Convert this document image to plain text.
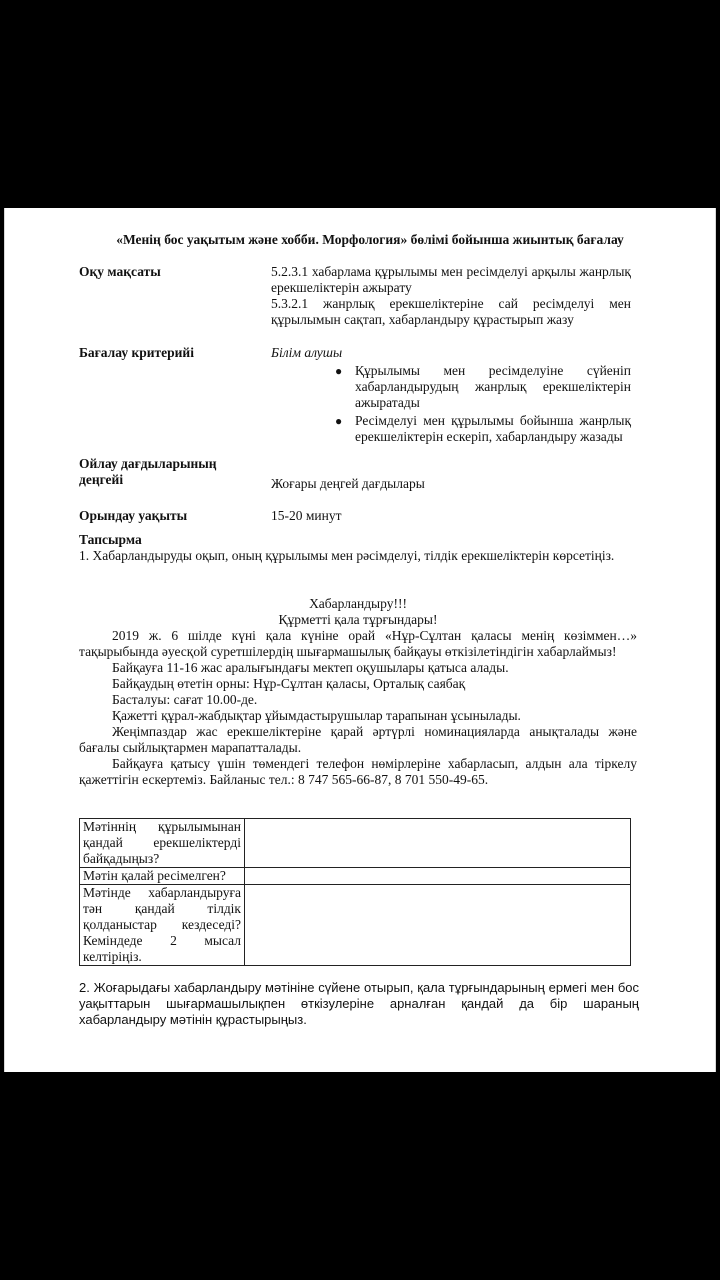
«Менің бос уақытым және хобби. Морфология» бөлімі бойынша жиынтық бағалау
Оқу мақсаты	5.2.3.1 хабарлама құрылымы мен ресімделуі арқылы жанрлық ерекшеліктерін ажырату
5.3.2.1 жанрлық ерекшеліктеріне сай ресімделуі мен құрылымын сақтап, хабарландыру құрастырып жазу
Бағалау критерийі	Білім алушы
● Құрылымы мен ресімделуіне сүйеніп хабарландырудың жанрлық ерекшеліктерін ажыратады
● Ресімделуі мен құрылымы бойынша жанрлық ерекшеліктерін ескеріп, хабарландыру жазады
Ойлау дағдыларының деңгейі	Жоғары деңгей дағдылары
Орындау уақыты	15-20 минут
Тапсырма
1. Хабарландыруды оқып, оның құрылымы мен рәсімделуі, тілдік ерекшеліктерін көрсетіңіз.
Хабарландыру!!!
Құрметті қала тұрғындары!

2019 ж. 6 шілде күні қала күніне орай «Нұр-Сұлтан қаласы менің көзіммен…» тақырыбында әуесқой суретшілердің шығармашылық байқауы өткізілетіндігін хабарлаймыз!

Байқауға 11-16 жас аралығындағы мектеп оқушылары қатыса алады.

Байқаудың өтетін орны: Нұр-Сұлтан қаласы, Орталық саябақ

Басталуы: сағат 10.00-де.

Қажетті құрал-жабдықтар ұйымдастырушылар тарапынан ұсынылады.

Жеңімпаздар жас ерекшеліктеріне қарай әртүрлі номинацияларда анықталады және бағалы сыйлықтармен марапатталады.

Байқауға қатысу үшін төмендегі телефон нөмірлеріне хабарласып, алдын ала тіркелу қажеттігін ескертеміз. Байланыс тел.: 8 747 565-66-87, 8 701 550-49-65.

Мәтіннің құрылымынан қандай ерекшеліктерді байқадыңыз?	
Мәтін қалай ресімелген?	
Мәтінде хабарландыруға тән қандай тілдік қолданыстар кездеседі? Кеміндеде 2 мысал келтіріңіз.	
2. Жоғарыдағы хабарландыру мәтініне сүйене отырып, қала тұрғындарының ермегі мен бос уақыттарын шығармашылықпен өткізулеріне арналған қандай да бір шараның хабарландыру мәтінін құрастырыңыз.
